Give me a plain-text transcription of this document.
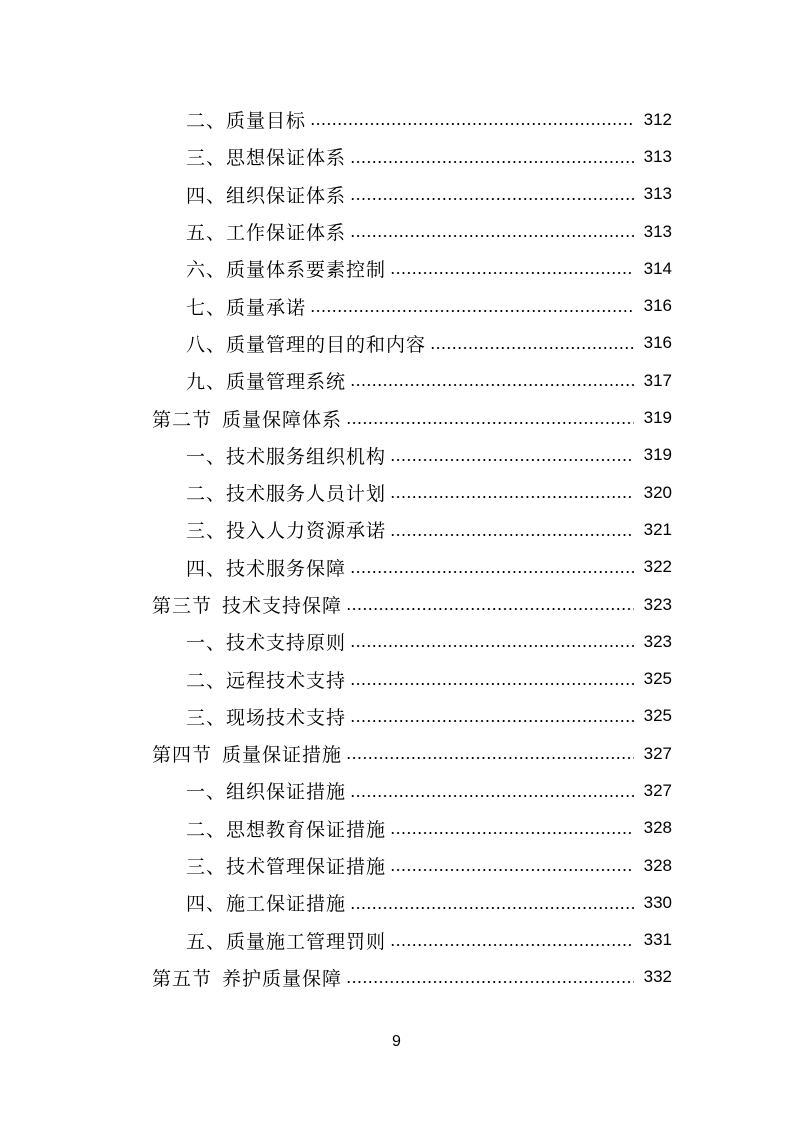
二、质量目标	312
三、思想保证体系	313
四、组织保证体系	313
五、工作保证体系	313
六、质量体系要素控制	314
七、质量承诺	316
八、质量管理的目的和内容	316
九、质量管理系统	317
第二节 质量保障体系	319
一、技术服务组织机构	319
二、技术服务人员计划	320
三、投入人力资源承诺	321
四、技术服务保障	322
第三节 技术支持保障	323
一、技术支持原则	323
二、远程技术支持	325
三、现场技术支持	325
第四节 质量保证措施	327
一、组织保证措施	327
二、思想教育保证措施	328
三、技术管理保证措施	328
四、施工保证措施	330
五、质量施工管理罚则	331
第五节 养护质量保障	332
9
